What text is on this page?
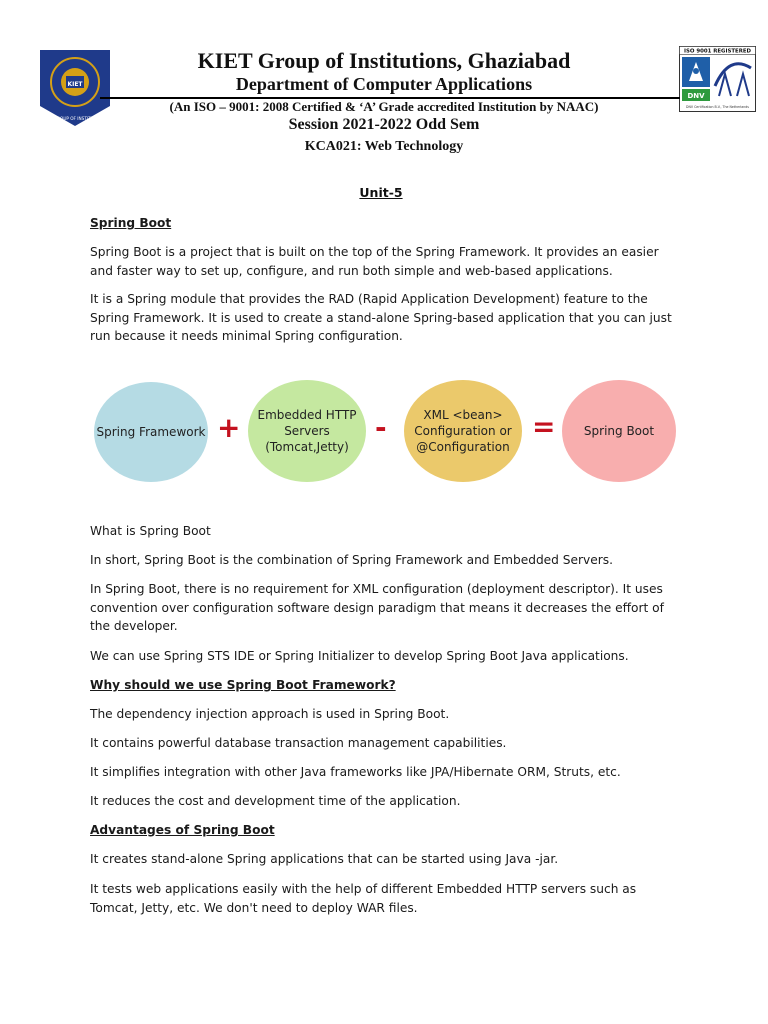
KIET
KIET GROUP OF INSTITUTIONS
ISO 9001 REGISTERED
DNV
DNV Certification B.V., The Netherlands
KIET Group of Institutions, Ghaziabad
Department of Computer Applications
(An ISO – 9001: 2008 Certified & ‘A’ Grade accredited Institution by NAAC)
Session 2021-2022 Odd Sem
KCA021: Web Technology
Unit-5
Spring Boot
Spring Boot is a project that is built on the top of the Spring Framework. It provides an easier and faster way to set up, configure, and run both simple and web-based applications.
It is a Spring module that provides the RAD (Rapid Application Development) feature to the Spring Framework. It is used to create a stand-alone Spring-based application that you can just run because it needs minimal Spring configuration.
Spring Framework +	Embedded HTTP Servers (Tomcat,Jetty)
-	XML <bean> Configuration or @Configuration
=	Spring Boot
What is Spring Boot
In short, Spring Boot is the combination of Spring Framework and Embedded Servers.
In Spring Boot, there is no requirement for XML configuration (deployment descriptor). It uses convention over configuration software design paradigm that means it decreases the effort of the developer.
We can use Spring STS IDE or Spring Initializer to develop Spring Boot Java applications.
Why should we use Spring Boot Framework?
The dependency injection approach is used in Spring Boot.
It contains powerful database transaction management capabilities.
It simplifies integration with other Java frameworks like JPA/Hibernate ORM, Struts, etc.
It reduces the cost and development time of the application.
Advantages of Spring Boot
It creates stand-alone Spring applications that can be started using Java -jar.
It tests web applications easily with the help of different Embedded HTTP servers such as Tomcat, Jetty, etc. We don't need to deploy WAR files.
